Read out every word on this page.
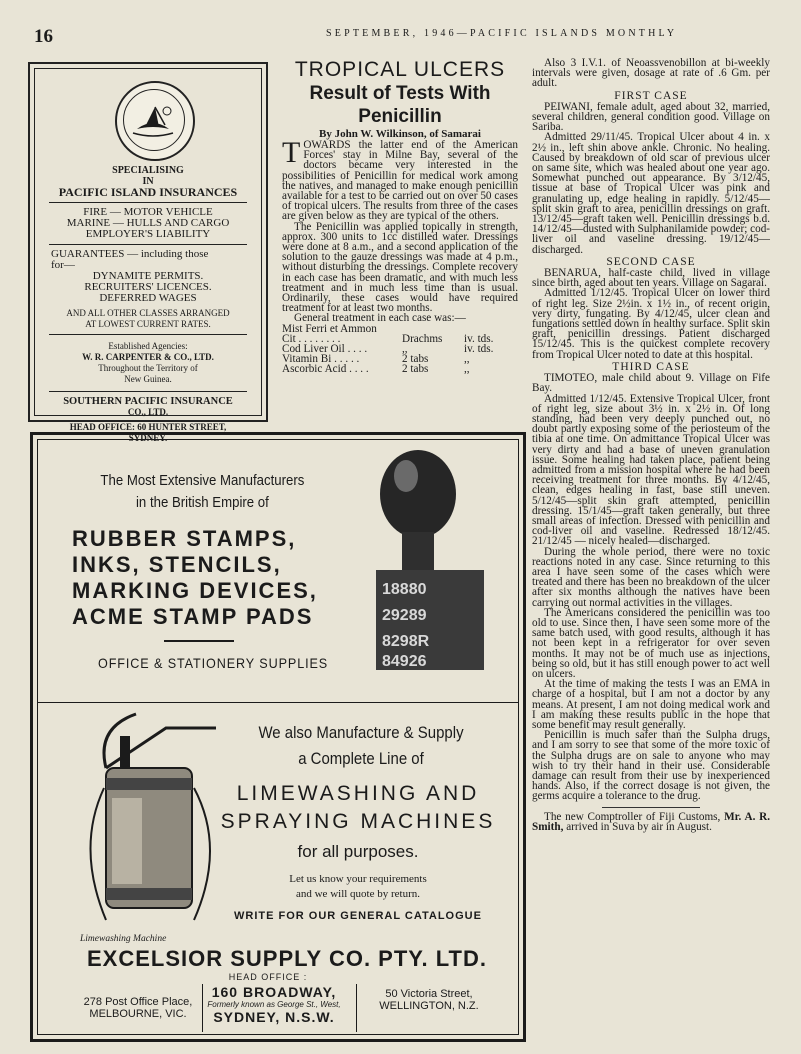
16	SEPTEMBER, 1946—PACIFIC ISLANDS MONTHLY
SPECIALISING
IN
PACIFIC ISLAND INSURANCES
FIRE — MOTOR VEHICLE
MARINE — HULLS AND CARGO
EMPLOYER'S LIABILITY
GUARANTEES — including those
for—
DYNAMITE PERMITS.
RECRUITERS' LICENCES.
DEFERRED WAGES
AND ALL OTHER CLASSES ARRANGED
AT LOWEST CURRENT RATES.
Established Agencies:
W. R. CARPENTER & CO., LTD.
Throughout the Territory of
New Guinea.
SOUTHERN PACIFIC INSURANCE
CO., LTD.
HEAD OFFICE: 60 HUNTER STREET,
SYDNEY.
TROPICAL ULCERS
Result of Tests With
Penicillin
By John W. Wilkinson, of Samarai

TOWARDS the latter end of the American Forces' stay in Milne Bay, several of the doctors became very interested in the possibilities of Penicillin for medical work among the natives, and managed to make enough penicillin available for a test to be carried out on over 50 cases of tropical ulcers. The results from three of the cases are given below as they are typical of the others.

The Penicillin was applied topically in strength, approx. 300 units to 1cc distilled water. Dressings were done at 8 a.m., and a second application of the solution to the gauze dressings was made at 4 p.m., without disturbing the dressings. Complete recovery in each case has been dramatic, and with much less treatment and in much less time than is usual. Ordinarily, these cases would have required treatment for at least two months.

General treatment in each case was:—

Mist Ferri et Ammon
Cit . . . . . . . .	Drachms	iv. tds.
Cod Liver Oil . . . .	,,	iv. tds.
Vitamin Bi . . . . .	2 tabs	,,
Ascorbic Acid . . . .	2 tabs	,,

Also 3 I.V.1. of Neoassvenobillon at bi-weekly intervals were given, dosage at rate of .6 Gm. per adult.

FIRST CASE

PEIWANI, female adult, aged about 32, married, several children, general condition good. Village on Sariba.

Admitted 29/11/45. Tropical Ulcer about 4 in. x 2½ in., left shin above ankle. Chronic. No healing. Caused by breakdown of old scar of previous ulcer on same site, which was healed about one year ago. Somewhat punched out appearance. By 3/12/45, tissue at base of Tropical Ulcer was pink and granulating up, edge healing in rapidly. 5/12/45—split skin graft to area, penicillin dressings on graft. 13/12/45—graft taken well. Penicillin dressings b.d. 14/12/45—dusted with Sulphanilamide powder; cod-liver oil and vaseline dressing. 19/12/45—discharged.

SECOND CASE

BENARUA, half-caste child, lived in village since birth, aged about ten years. Village on Sagarai.

Admitted 1/12/45. Tropical Ulcer on lower third of right leg. Size 2½in. x 1½ in., of recent origin, very dirty, fungating. By 4/12/45, ulcer clean and fungations settled down in healthy surface. Split skin graft, penicillin dressings. Patient discharged 15/12/45. This is the quickest complete recovery from Tropical Ulcer noted to date at this hospital.

THIRD CASE

TIMOTEO, male child about 9. Village on Fife Bay.

Admitted 1/12/45. Extensive Tropical Ulcer, front of right leg, size about 3½ in. x 2½ in. Of long standing, had been very deeply punched out, no doubt partly exposing some of the periosteum of the tibia at one time. On admittance Tropical Ulcer was very dirty and had a base of uneven granulation issue. Some healing had taken place, patient being admitted from a mission hospital where he had been receiving treatment for three months. By 4/12/45, clean, edges healing in fast, base still uneven. 5/12/45—split skin graft attempted, penicillin dressing. 15/1/45—graft taken generally, but three small areas of infection. Dressed with penicillin and cod-liver oil and vaseline. Redressed 18/12/45. 21/12/45 — nicely healed—discharged.

During the whole period, there were no toxic reactions noted in any case. Since returning to this area I have seen some of the cases which were treated and there has been no breakdown of the ulcer after six months although the natives have been carrying out normal activities in the villages.

The Americans considered the penicillin was too old to use. Since then, I have seen some more of the same batch used, with good results, although it has not been kept in a refrigerator for over seven months. It may not be of much use as injections, being so old, but it has still enough power to act well on ulcers.

At the time of making the tests I was an EMA in charge of a hospital, but I am not a doctor by any means. At present, I am not doing medical work and I am making these results public in the hope that some benefit may result generally.

Penicillin is much safer than the Sulpha drugs, and I am sorry to see that some of the more toxic of the Sulpha drugs are on sale to anyone who may wish to try their hand in their use. Considerable damage can result from their use by inexperienced hands. Also, if the correct dosage is not given, the germs acquire a tolerance to the drug.

The new Comptroller of Fiji Customs, Mr. A. R. Smith, arrived in Suva by air in August.

The Most Extensive Manufacturers
in the British Empire of
RUBBER STAMPS,
INKS, STENCILS,
MARKING DEVICES,
ACME STAMP PADS
OFFICE & STATIONERY SUPPLIES
18880
29289
8298R
84926
We also Manufacture & Supply
a Complete Line of
LIMEWASHING AND
SPRAYING MACHINES
for all purposes.
Let us know your requirements
and we will quote by return.
WRITE FOR OUR GENERAL CATALOGUE
Limewashing Machine
EXCELSIOR SUPPLY CO. PTY. LTD.
HEAD OFFICE :
278 Post Office Place,
MELBOURNE, VIC.
160 BROADWAY,
Formerly known as George St., West,
SYDNEY, N.S.W.
50 Victoria Street,
WELLINGTON, N.Z.
